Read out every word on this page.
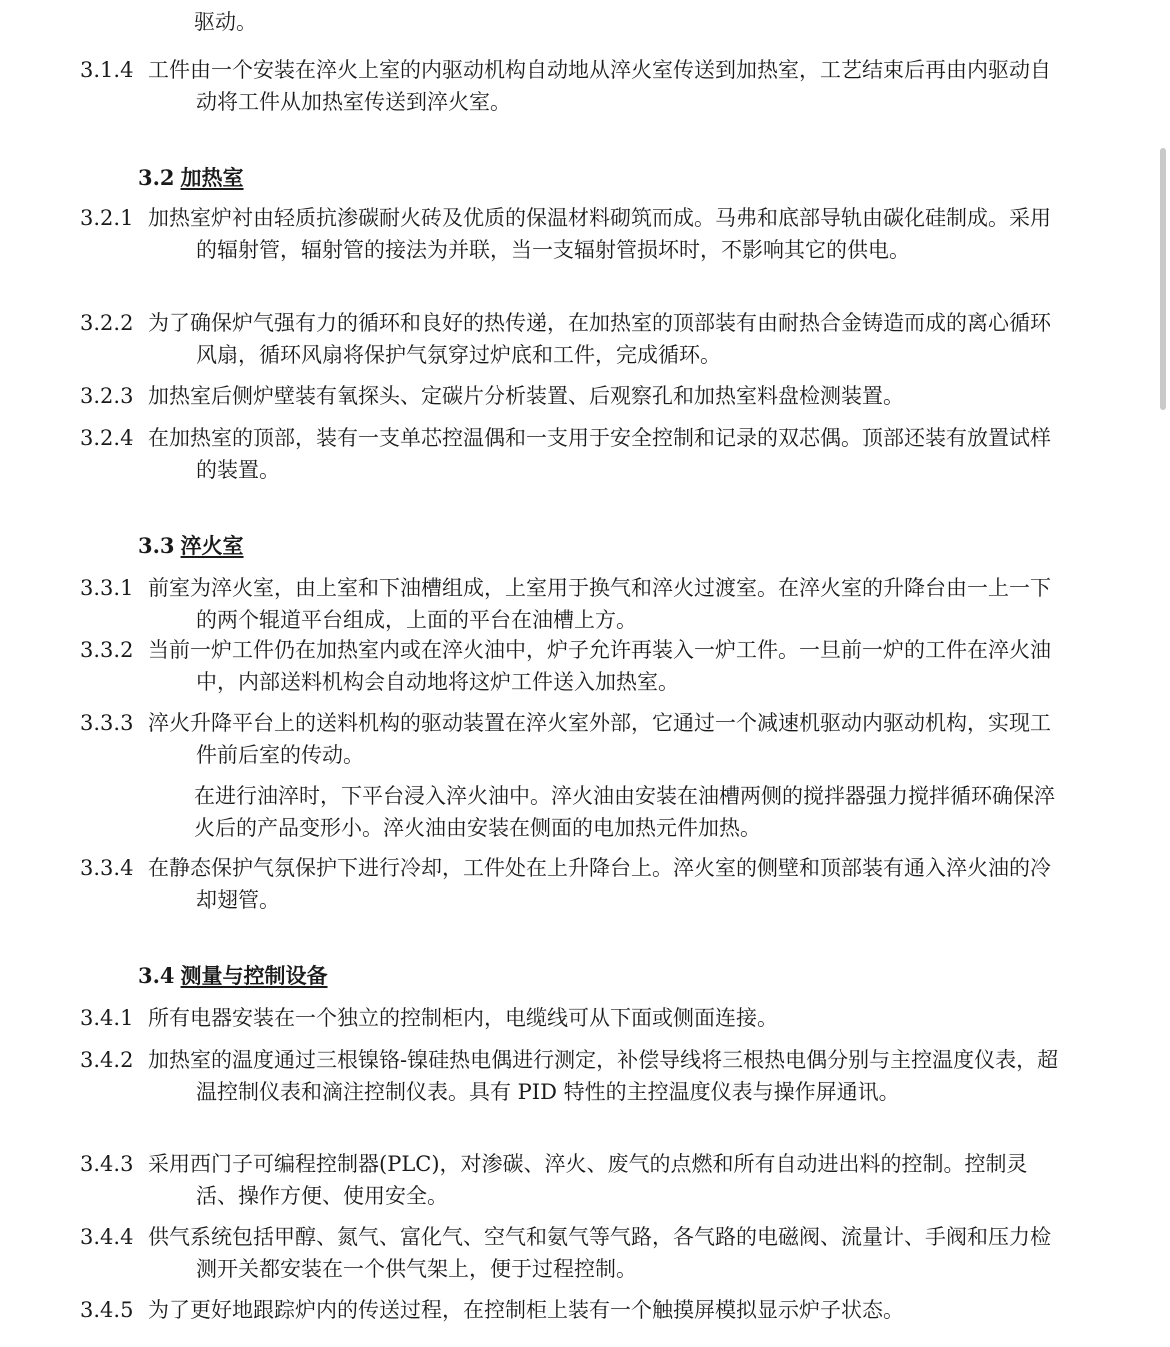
驱动。
3.1.4 工件由一个安装在淬火上室的内驱动机构自动地从淬火室传送到加热室，工艺结束后再由内驱动自动将工件从加热室传送到淬火室。
3.2 加热室
3.2.1 加热室炉衬由轻质抗渗碳耐火砖及优质的保温材料砌筑而成。马弗和底部导轨由碳化硅制成。采用的辐射管，辐射管的接法为并联，当一支辐射管损坏时，不影响其它的供电。
3.2.2 为了确保炉气强有力的循环和良好的热传递，在加热室的顶部装有由耐热合金铸造而成的离心循环风扇，循环风扇将保护气氛穿过炉底和工件，完成循环。
3.2.3 加热室后侧炉壁装有氧探头、定碳片分析装置、后观察孔和加热室料盘检测装置。
3.2.4 在加热室的顶部，装有一支单芯控温偶和一支用于安全控制和记录的双芯偶。顶部还装有放置试样的装置。
3.3 淬火室
3.3.1 前室为淬火室，由上室和下油槽组成，上室用于换气和淬火过渡室。在淬火室的升降台由一上一下的两个辊道平台组成，上面的平台在油槽上方。
3.3.2 当前一炉工件仍在加热室内或在淬火油中，炉子允许再装入一炉工件。一旦前一炉的工件在淬火油中，内部送料机构会自动地将这炉工件送入加热室。
3.3.3 淬火升降平台上的送料机构的驱动装置在淬火室外部，它通过一个减速机驱动内驱动机构，实现工件前后室的传动。
在进行油淬时，下平台浸入淬火油中。淬火油由安装在油槽两侧的搅拌器强力搅拌循环确保淬火后的产品变形小。淬火油由安装在侧面的电加热元件加热。
3.3.4 在静态保护气氛保护下进行冷却，工件处在上升降台上。淬火室的侧壁和顶部装有通入淬火油的冷却翅管。
3.4 测量与控制设备
3.4.1 所有电器安装在一个独立的控制柜内，电缆线可从下面或侧面连接。
3.4.2 加热室的温度通过三根镍铬-镍硅热电偶进行测定，补偿导线将三根热电偶分别与主控温度仪表，超温控制仪表和滴注控制仪表。具有 PID 特性的主控温度仪表与操作屏通讯。
3.4.3 采用西门子可编程控制器(PLC)，对渗碳、淬火、废气的点燃和所有自动进出料的控制。控制灵活、操作方便、使用安全。
3.4.4 供气系统包括甲醇、氮气、富化气、空气和氨气等气路，各气路的电磁阀、流量计、手阀和压力检测开关都安装在一个供气架上，便于过程控制。
3.4.5 为了更好地跟踪炉内的传送过程，在控制柜上装有一个触摸屏模拟显示炉子状态。
